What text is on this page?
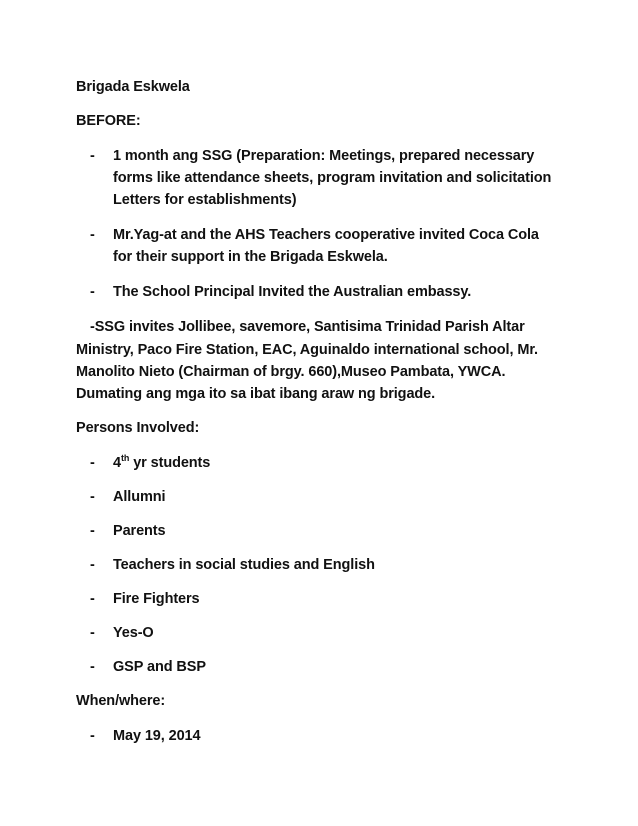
Brigada Eskwela
BEFORE:
- 1 month ang SSG (Preparation: Meetings, prepared necessary
forms like attendance sheets, program invitation and solicitation
Letters for establishments)
- Mr.Yag-at and the AHS Teachers cooperative invited Coca Cola
for their support in the Brigada Eskwela.
- The School Principal Invited the Australian embassy.
-SSG invites Jollibee, savemore, Santisima Trinidad Parish Altar
Ministry, Paco Fire Station, EAC, Aguinaldo international school, Mr.
Manolito Nieto (Chairman of brgy. 660),Museo Pambata, YWCA.
Dumating ang mga ito sa ibat ibang araw ng brigade.
Persons Involved:
- 4th yr students
- Allumni
- Parents
- Teachers in social studies and English
- Fire Fighters
- Yes-O
- GSP and BSP
When/where:
- May 19, 2014
